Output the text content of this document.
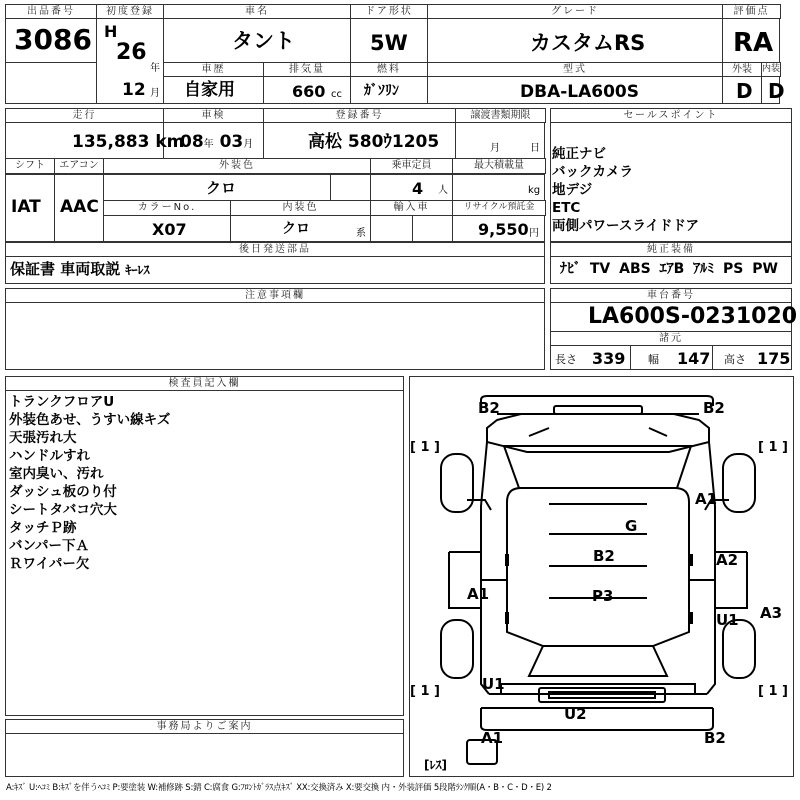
出品番号
3086
初度登録
H
26
年
12 月
車名
タント
ドア形状
5W
グレード
カスタムRS
評価点
RA
車歴
自家用
排気量
660 cc
燃料
ｶﾞｿﾘﾝ
型式
DBA-LA600S
外装	内装
D D
走行
135,883 km
車検
08年 03月
登録番号
高松 580ｳ1205
譲渡書類期限
月	日
シフト
IAT
エアコン
AAC
外装色
クロ
乗車定員
4 人
最大積載量
kg
カラーNo.
X07
内装色
クロ	系
輸入車	リサイクル預託金
9,550 円
後日発送部品
保証書 車両取説 ｷｰﾚｽ
注意事項欄
セールスポイント
純正ナビ
バックカメラ
地デジ
ETC
両側パワースライドドア
純正装備
ﾅﾋﾞ TV ABS ｴｱB ｱﾙﾐ PS PW
車台番号
LA600S-0231020
諸元
長さ 339 幅 147 高さ 175
検査員記入欄
トランクフロアU
外装色あせ、うすい線キズ
天張汚れ大
ハンドルすれ
室内臭い、汚れ
ダッシュ板のり付
シートタバコ穴大
タッチＰ跡
バンパー下Ａ
Ｒワイパー欠
事務局よりご案内
B2	B2
[ 1 ]	[ 1 ]
A1
G
B2	A2
A1	P3
A3
U1
U1
[ 1 ]	[ 1 ]
U2
A1	B2
[ﾚｽ]
A:ｷｽﾞ U:ﾍｺﾐ B:ｷｽﾞを伴うﾍｺﾐ P:要塗装 W:補修跡 S:錆 C:腐食 G:ﾌﾛﾝﾄｶﾞﾗｽ点ｷｽﾞ XX:交換済み X:要交換 内・外装評価 5段階ﾗﾝｸ順(A・B・C・D・E) 2
